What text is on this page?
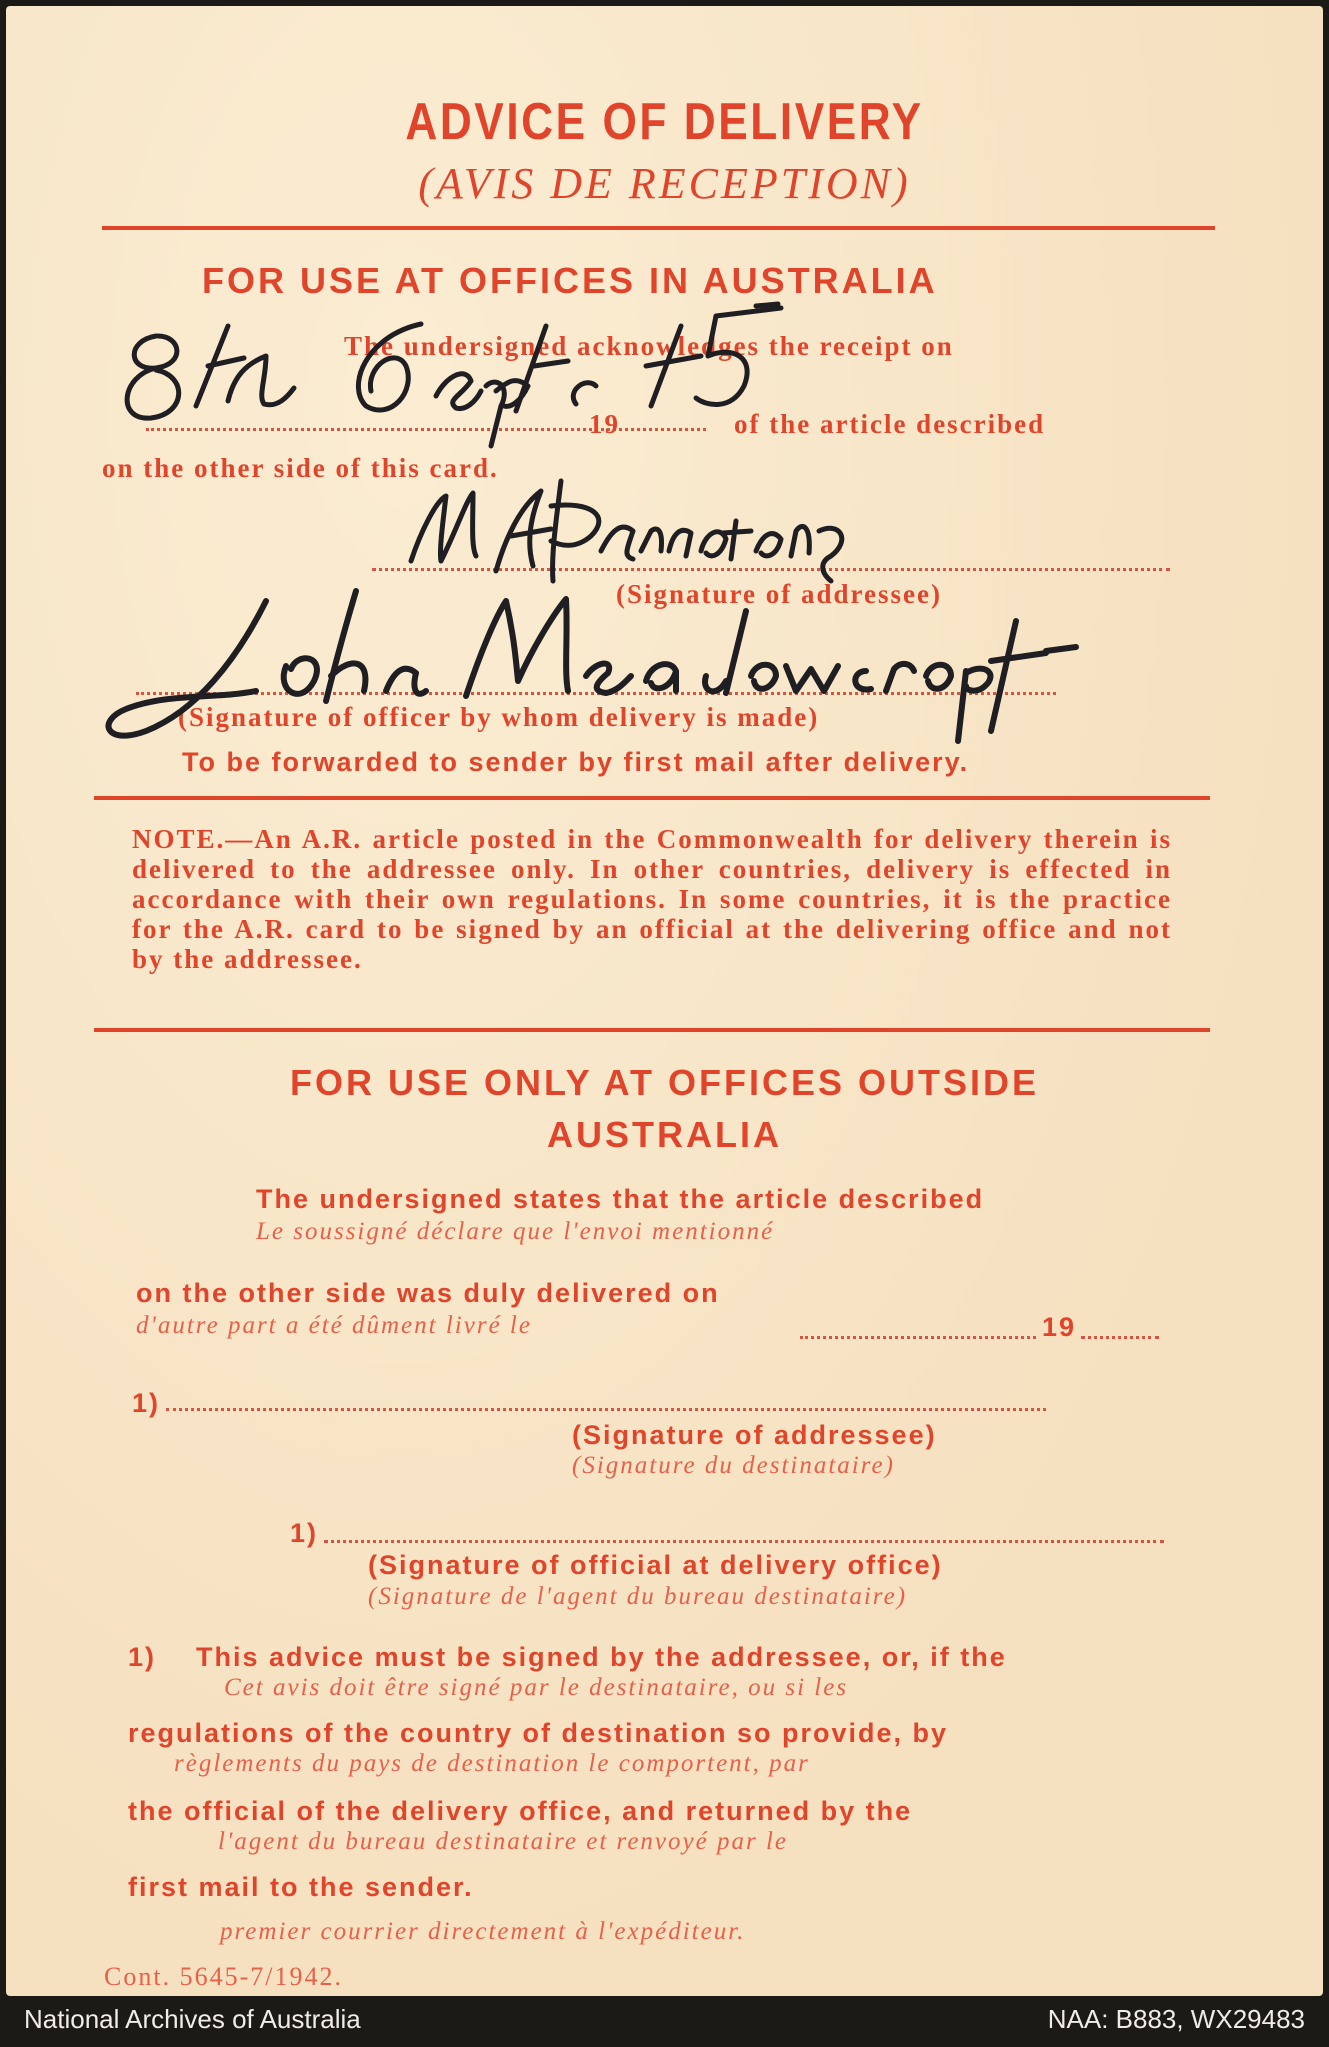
ADVICE OF DELIVERY
(AVIS DE RECEPTION)
FOR USE AT OFFICES IN AUSTRALIA
The undersigned acknowledges the receipt on
19	of the article described
on the other side of this card.
(Signature of addressee)
(Signature of officer by whom delivery is made)
To be forwarded to sender by first mail after delivery.
NOTE.—An A.R. article posted in the Commonwealth for delivery therein is delivered to the addressee only. In other countries, delivery is effected in accordance with their own regulations. In some countries, it is the practice for the A.R. card to be signed by an official at the delivering office and not by the addressee.
FOR USE ONLY AT OFFICES OUTSIDE
AUSTRALIA
The undersigned states that the article described
Le soussigné déclare que l'envoi mentionné
on the other side was duly delivered on
d'autre part a été dûment livré le	19
1)
(Signature of addressee)
(Signature du destinataire)
1)
(Signature of official at delivery office)
(Signature de l'agent du bureau destinataire)
1) This advice must be signed by the addressee, or, if the
Cet avis doit être signé par le destinataire, ou si les
regulations of the country of destination so provide, by
règlements du pays de destination le comportent, par
the official of the delivery office, and returned by the
l'agent du bureau destinataire et renvoyé par le
first mail to the sender.
premier courrier directement à l'expéditeur.
Cont. 5645-7/1942.
National Archives of Australia	NAA: B883, WX29483
